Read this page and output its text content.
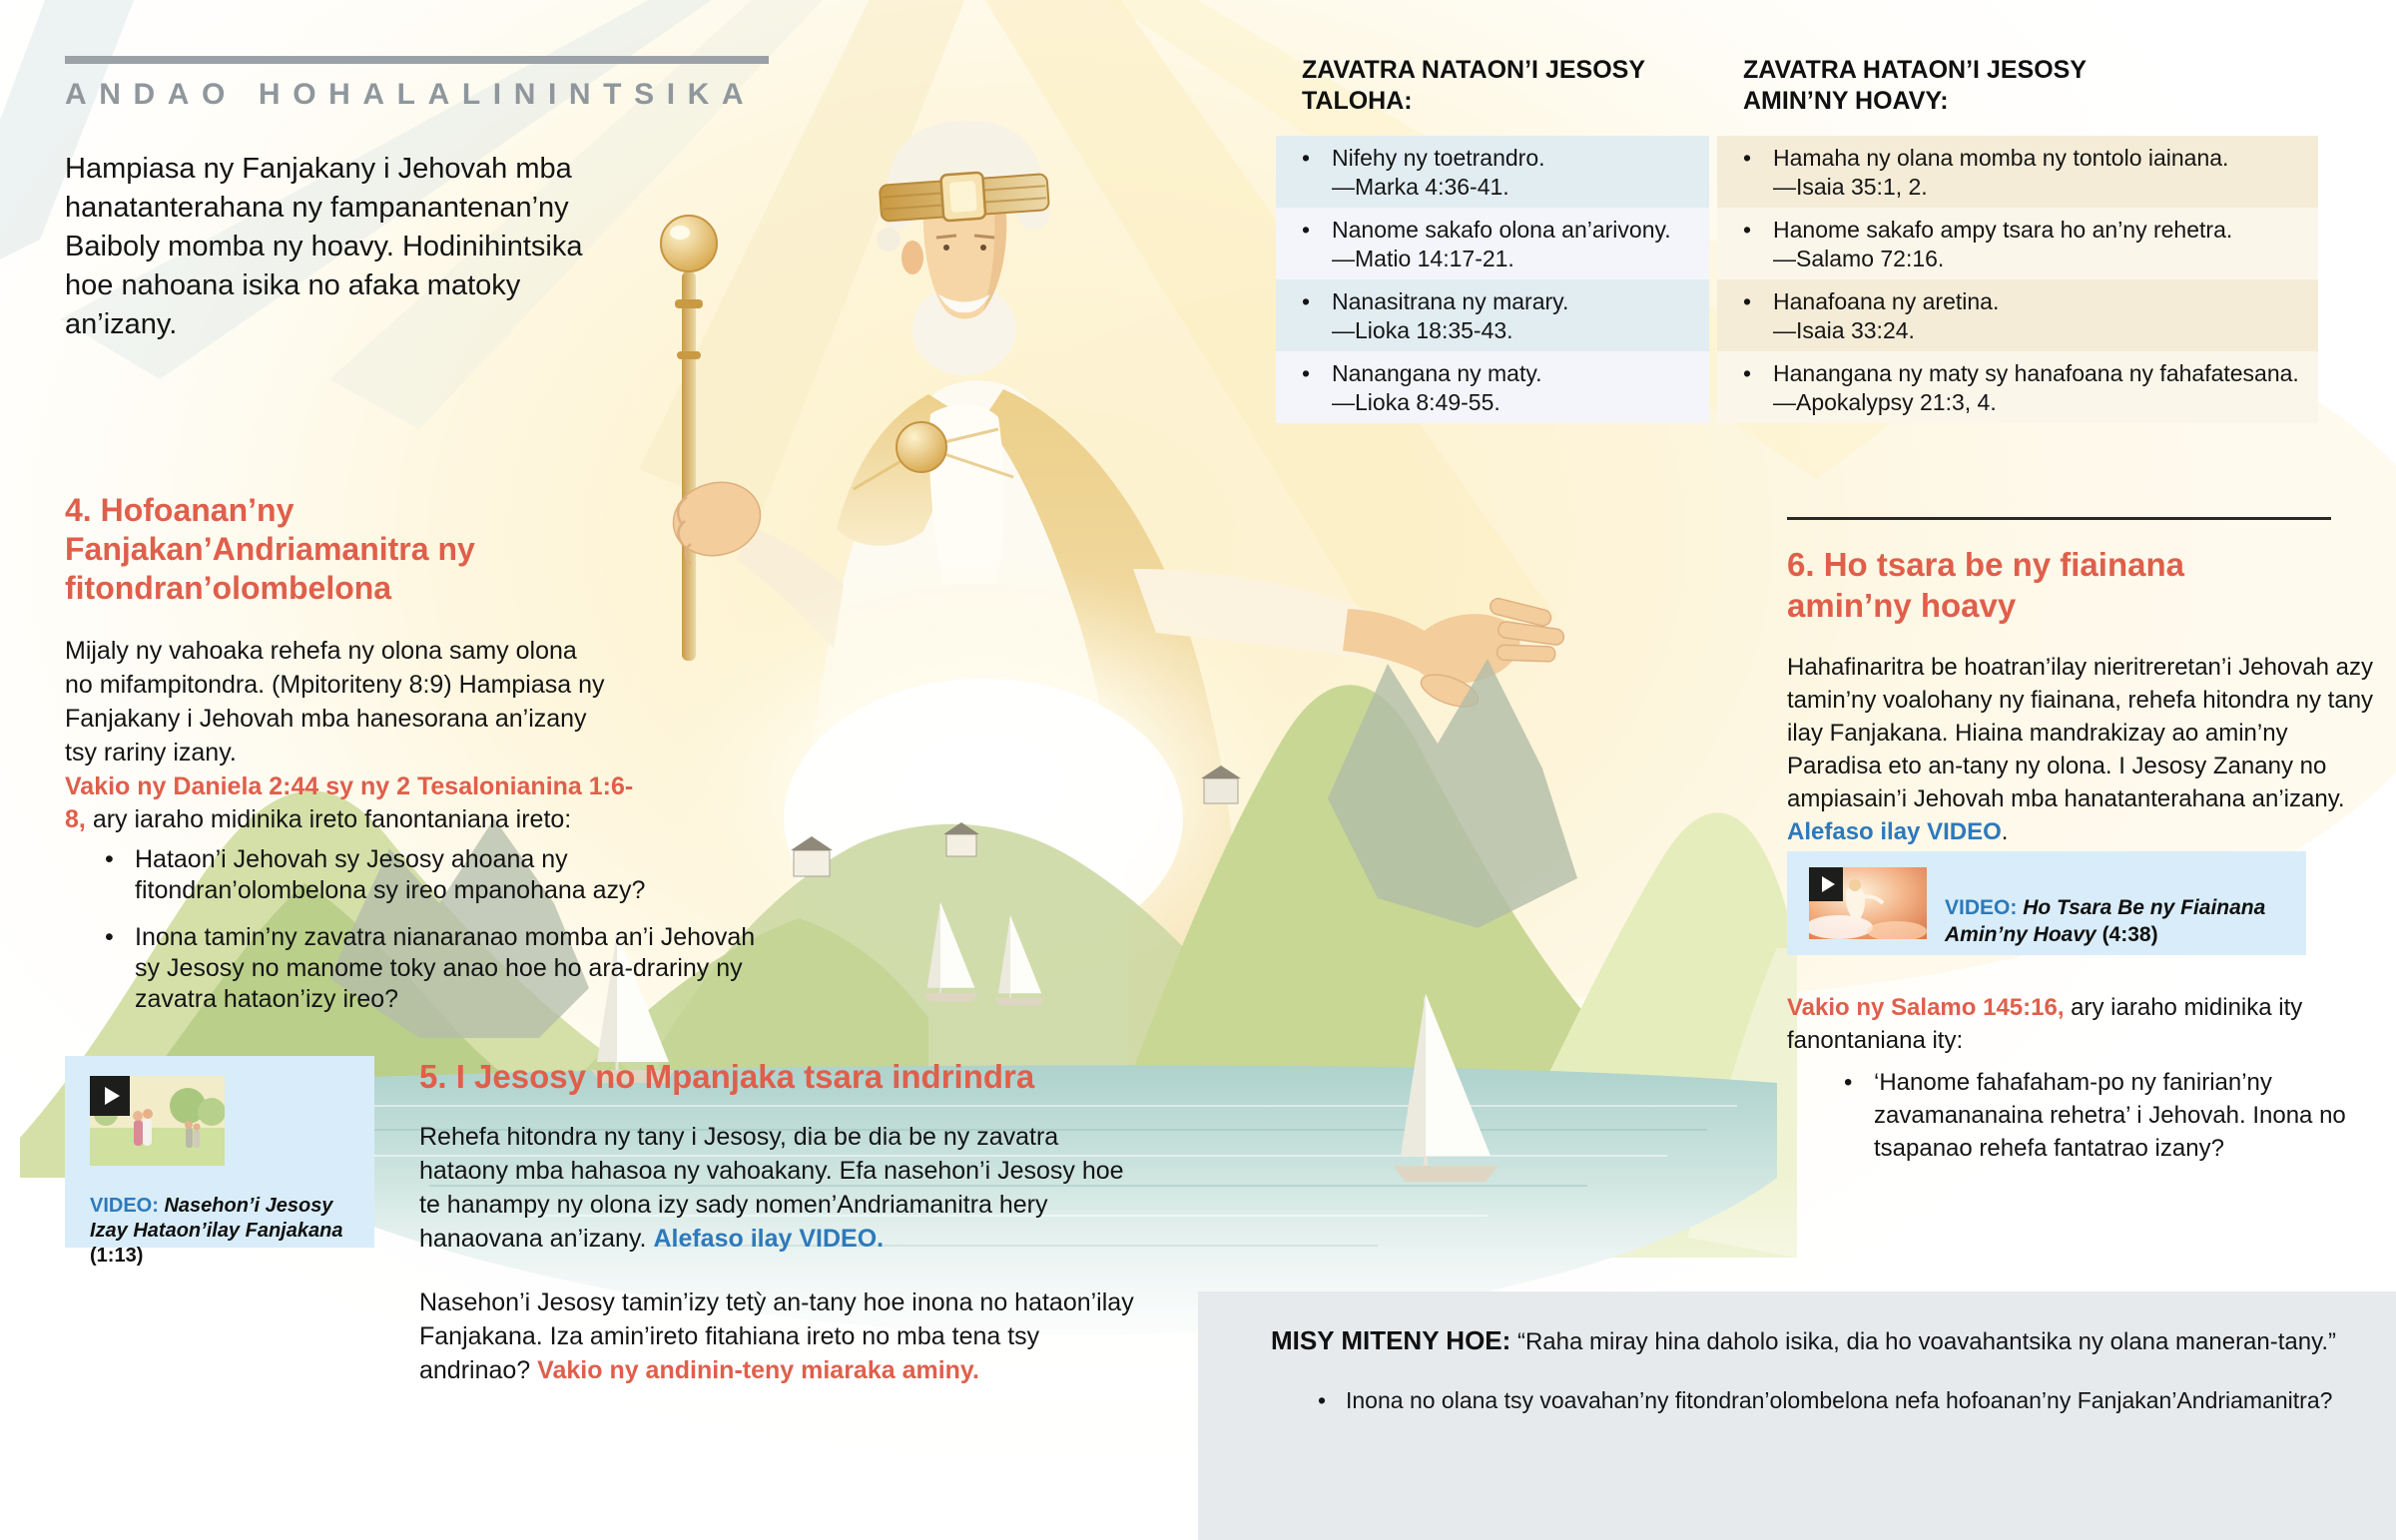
ANDAO HOHALALININTSIKA
Hampiasa ny Fanjakany i Jehovah mba hanatanterahana ny fampanantenan’ny Baiboly momba ny hoavy. Hodinihintsika hoe nahoana isika no afaka matoky an’izany.
ZAVATRA NATAON’I JESOSY TALOHA:
ZAVATRA HATAON’I JESOSY AMIN’NY HOAVY:
• Nifehy ny toetrandro.
—Marka 4:36-41.
• Nanome sakafo olona an’arivony.
—Matio 14:17-21.
• Nanasitrana ny marary.
—Lioka 18:35-43.
• Nanangana ny maty.
—Lioka 8:49-55.
• Hamaha ny olana momba ny tontolo iainana.
—Isaia 35:1, 2.
• Hanome sakafo ampy tsara ho an’ny rehetra.
—Salamo 72:16.
• Hanafoana ny aretina.
—Isaia 33:24.
• Hanangana ny maty sy hanafoana ny fahafatesana.
—Apokalypsy 21:3, 4.
4. Hofoanan’ny Fanjakan’Andriamanitra ny fitondran’olombelona
Mijaly ny vahoaka rehefa ny olona samy olona no mifampitondra. (Mpitoriteny 8:9) Hampiasa ny Fanjakany i Jehovah mba hanesorana an’izany tsy rariny izany.
Vakio ny Daniela 2:44 sy ny 2 Tesalonianina 1:6-8, ary iaraho midinika ireto fanontaniana ireto:
• Hataon’i Jehovah sy Jesosy ahoana ny fitondran’olombelona sy ireo mpanohana azy?
• Inona tamin’ny zavatra nianaranao momba an’i Jehovah sy Jesosy no manome toky anao hoe ho ara-drariny ny zavatra hataon’izy ireo?

VIDEO: Nasehon’i Jesosy Izay Hataon’ilay Fanjakana (1:13)

5. I Jesosy no Mpanjaka tsara indrindra
Rehefa hitondra ny tany i Jesosy, dia be dia be ny zavatra hataony mba hahasoa ny vahoakany. Efa nasehon’i Jesosy hoe te hanampy ny olona izy sady nomen’Andriamanitra hery hanaovana an’izany. Alefaso ilay VIDEO.
Nasehon’i Jesosy tamin’izy tetỳ an-tany hoe inona no hataon’ilay Fanjakana. Iza amin’ireto fitahiana ireto no mba tena tsy andrinao? Vakio ny andinin-teny miaraka aminy.
6. Ho tsara be ny fiainana amin’ny hoavy
Hahafinaritra be hoatran’ilay nieritreretan’i Jehovah azy tamin’ny voalohany ny fiainana, rehefa hitondra ny tany ilay Fanjakana. Hiaina mandrakizay ao amin’ny Paradisa eto an-tany ny olona. I Jesosy Zanany no ampiasain’i Jehovah mba hanatanterahana an’izany. Alefaso ilay VIDEO.

VIDEO: Ho Tsara Be ny Fiainana Amin’ny Hoavy (4:38)

Vakio ny Salamo 145:16, ary iaraho midinika ity fanontaniana ity:
• ‘Hanome fahafaham-po ny fanirian’ny zavamananaina rehetra’ i Jehovah. Inona no tsapanao rehefa fantatrao izany?
MISY MITENY HOE: “Raha miray hina daholo isika, dia ho voavahantsika ny olana maneran-tany.”
• Inona no olana tsy voavahan’ny fitondran’olombelona nefa hofoanan’ny Fanjakan’Andriamanitra?
